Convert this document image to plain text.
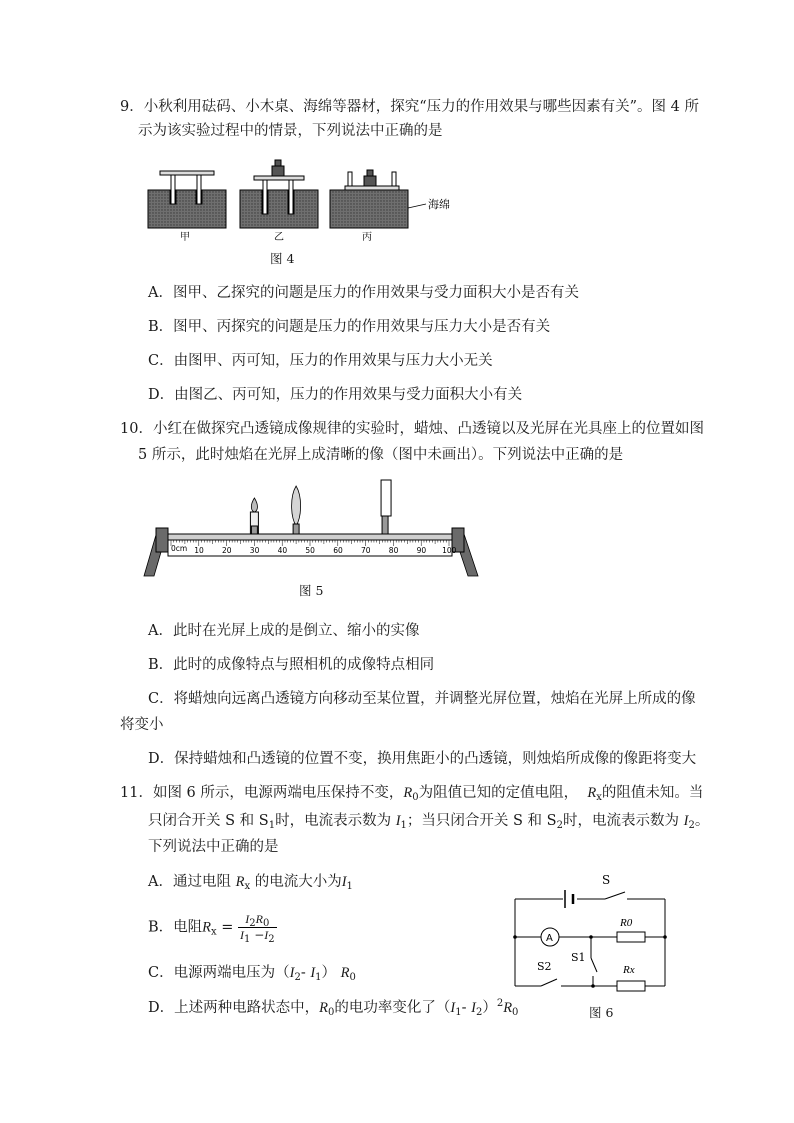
9．小秋利用砝码、小木桌、海绵等器材，探究“压力的作用效果与哪些因素有关”。图 4 所
示为该实验过程中的情景，下列说法中正确的是
海绵
甲	乙	丙
图 4
A．图甲、乙探究的问题是压力的作用效果与受力面积大小是否有关
B．图甲、丙探究的问题是压力的作用效果与压力大小是否有关
C．由图甲、丙可知，压力的作用效果与压力大小无关
D．由图乙、丙可知，压力的作用效果与受力面积大小有关
10．小红在做探究凸透镜成像规律的实验时，蜡烛、凸透镜以及光屏在光具座上的位置如图
5 所示，此时烛焰在光屏上成清晰的像（图中未画出）。下列说法中正确的是
0cm 10 20 30 40 50 60 70 80 90 100
图 5
A．此时在光屏上成的是倒立、缩小的实像
B．此时的成像特点与照相机的成像特点相同
C．将蜡烛向远离凸透镜方向移动至某位置，并调整光屏位置，烛焰在光屏上所成的像
将变小
D．保持蜡烛和凸透镜的位置不变，换用焦距小的凸透镜，则烛焰所成像的像距将变大
11．如图 6 所示，电源两端电压保持不变，$R_0$为阻值已知的定值电阻， $R_x$的阻值未知。当
只闭合开关 S 和 $S_1$时，电流表示数为 $I_1$；当只闭合开关 S 和 $S_2$时，电流表示数为 $I_2$。
下列说法中正确的是
A．通过电阻 $R_x$ 的电流大小为$I_1$
B．电阻$R_x = \frac{I_2R_0}{I_1 -I_2}$
C．电源两端电压为（$I_2-$ $I_1$） $R_0$
D．上述两种电路状态中，$R_0$的电功率变化了（$I_1-$ $I_2)^2R_0$
S
R0
A
S1
S2	Rx
图 6
